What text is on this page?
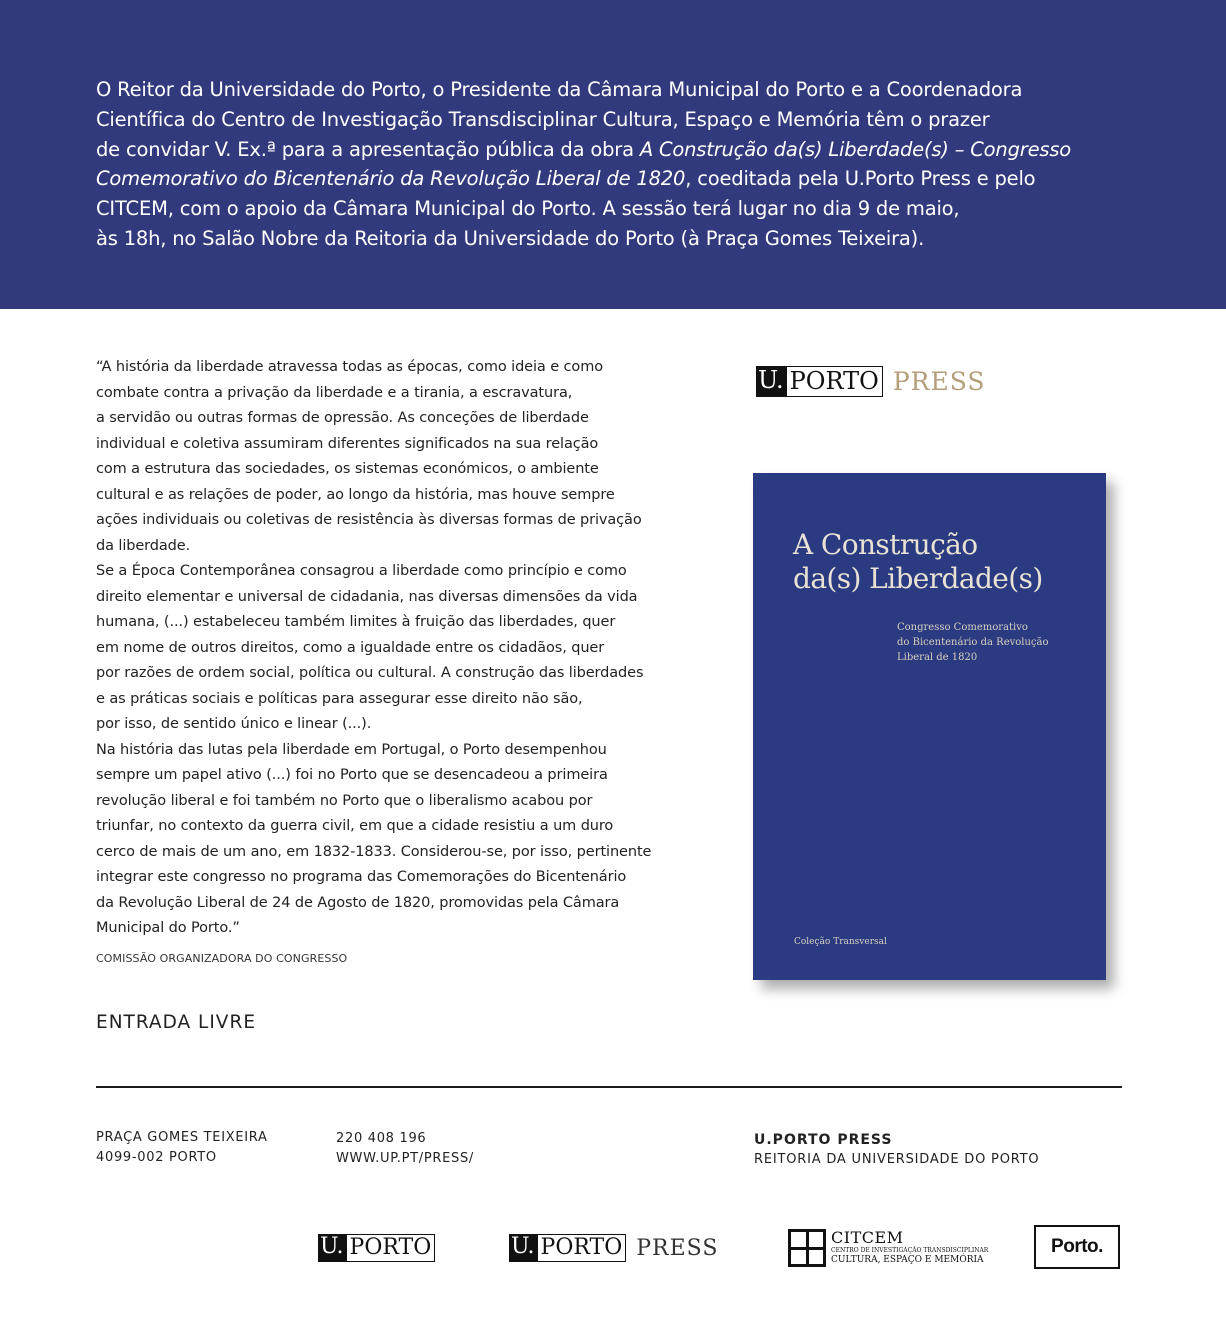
O Reitor da Universidade do Porto, o Presidente da Câmara Municipal do Porto e a Coordenadora
Científica do Centro de Investigação Transdisciplinar Cultura, Espaço e Memória têm o prazer
de convidar V. Ex.ª para a apresentação pública da obra A Construção da(s) Liberdade(s) – Congresso
Comemorativo do Bicentenário da Revolução Liberal de 1820, coeditada pela U.Porto Press e pelo
CITCEM, com o apoio da Câmara Municipal do Porto. A sessão terá lugar no dia 9 de maio,
às 18h, no Salão Nobre da Reitoria da Universidade do Porto (à Praça Gomes Teixeira).
“A história da liberdade atravessa todas as épocas, como ideia e como
combate contra a privação da liberdade e a tirania, a escravatura,
a servidão ou outras formas de opressão. As conceções de liberdade
individual e coletiva assumiram diferentes significados na sua relação
com a estrutura das sociedades, os sistemas económicos, o ambiente
cultural e as relações de poder, ao longo da história, mas houve sempre
ações individuais ou coletivas de resistência às diversas formas de privação
da liberdade.
Se a Época Contemporânea consagrou a liberdade como princípio e como
direito elementar e universal de cidadania, nas diversas dimensões da vida
humana, (...) estabeleceu também limites à fruição das liberdades, quer
em nome de outros direitos, como a igualdade entre os cidadãos, quer
por razões de ordem social, política ou cultural. A construção das liberdades
e as práticas sociais e políticas para assegurar esse direito não são,
por isso, de sentido único e linear (...).
Na história das lutas pela liberdade em Portugal, o Porto desempenhou
sempre um papel ativo (...) foi no Porto que se desencadeou a primeira
revolução liberal e foi também no Porto que o liberalismo acabou por
triunfar, no contexto da guerra civil, em que a cidade resistiu a um duro
cerco de mais de um ano, em 1832-1833. Considerou-se, por isso, pertinente
integrar este congresso no programa das Comemorações do Bicentenário
da Revolução Liberal de 24 de Agosto de 1820, promovidas pela Câmara
Municipal do Porto.”
COMISSÃO ORGANIZADORA DO CONGRESSO
ENTRADA LIVRE
U. PORTO PRESS
A Construção
da(s) Liberdade(s)
Congresso Comemorativo
do Bicentenário da Revolução
Liberal de 1820
Coleção Transversal
PRAÇA GOMES TEIXEIRA
4099-002 PORTO
220 408 196
WWW.UP.PT/PRESS/
U.PORTO PRESS
REITORIA DA UNIVERSIDADE DO PORTO
U. PORTO	U. PORTO PRESS	CITCEM
CENTRO DE INVESTIGAÇÃO TRANSDISCIPLINAR
CULTURA, ESPAÇO E MEMÓRIA
Porto.
